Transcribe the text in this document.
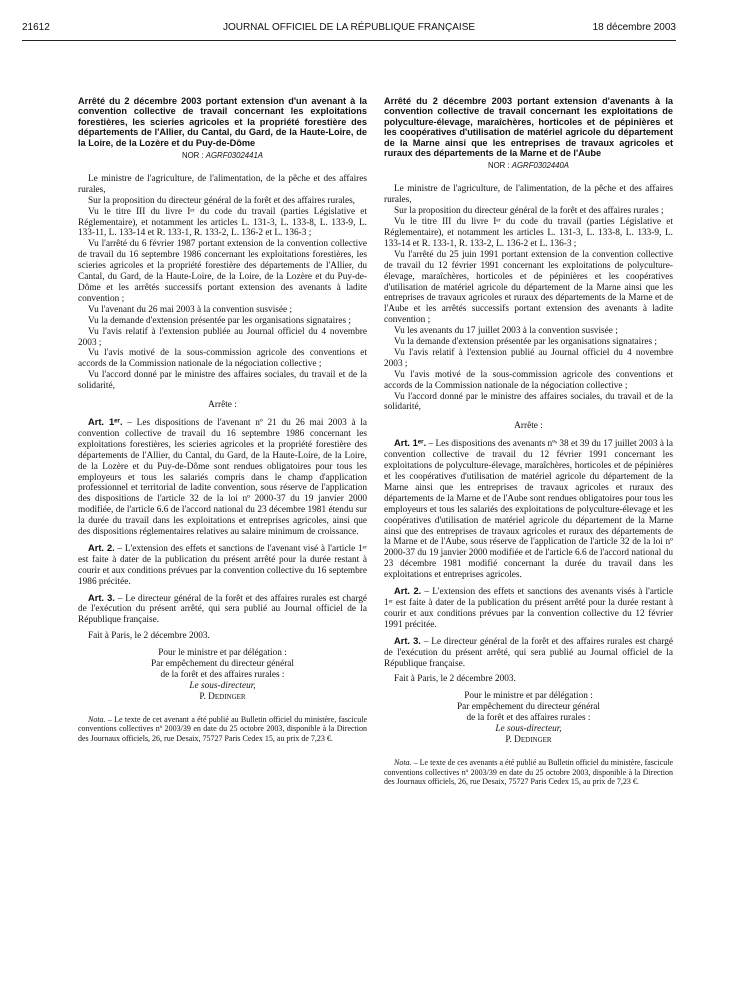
21612	JOURNAL OFFICIEL DE LA RÉPUBLIQUE FRANÇAISE	18 décembre 2003

Arrêté du 2 décembre 2003 portant extension d'un avenant à la convention collective de travail concernant les exploitations forestières, les scieries agricoles et la propriété forestière des départements de l'Allier, du Cantal, du Gard, de la Haute-Loire, de la Loire, de la Lozère et du Puy-de-Dôme

NOR : AGRF0302441A

Le ministre de l'agriculture, de l'alimentation, de la pêche et des affaires rurales,

Sur la proposition du directeur général de la forêt et des affaires rurales,

Vu le titre III du livre Iᵉʳ du code du travail (parties Législative et Réglementaire), et notamment les articles L. 131-3, L. 133-8, L. 133-9, L. 133-11, L. 133-14 et R. 133-1, R. 133-2, L. 136-2 et L. 136-3 ;

Vu l'arrêté du 6 février 1987 portant extension de la convention collective de travail du 16 septembre 1986 concernant les exploitations forestières, les scieries agricoles et la propriété forestière des départements de l'Allier, du Cantal, du Gard, de la Haute-Loire, de la Loire, de la Lozère et du Puy-de-Dôme et les arrêtés successifs portant extension des avenants à ladite convention ;

Vu l'avenant du 26 mai 2003 à la convention susvisée ;

Vu la demande d'extension présentée par les organisations signataires ;

Vu l'avis relatif à l'extension publiée au Journal officiel du 4 novembre 2003 ;

Vu l'avis motivé de la sous-commission agricole des conventions et accords de la Commission nationale de la négociation collective ;

Vu l'accord donné par le ministre des affaires sociales, du travail et de la solidarité,

Arrête :

Art. 1ᵉʳ. – Les dispositions de l'avenant nº 21 du 26 mai 2003 à la convention collective de travail du 16 septembre 1986 concernant les exploitations forestières, les scieries agricoles et la propriété forestière des départements de l'Allier, du Cantal, du Gard, de la Haute-Loire, de la Loire, de la Lozère et du Puy-de-Dôme sont rendues obligatoires pour tous les employeurs et tous les salariés compris dans le champ d'application professionnel et territorial de ladite convention, sous réserve de l'application des dispositions de l'article 32 de la loi nº 2000-37 du 19 janvier 2000 modifiée, de l'article 6.6 de l'accord national du 23 décembre 1981 étendu sur la durée du travail dans les exploitations et entreprises agricoles, ainsi que des dispositions réglementaires relatives au salaire minimum de croissance.

Art. 2. – L'extension des effets et sanctions de l'avenant visé à l'article 1ᵉʳ est faite à dater de la publication du présent arrêté pour la durée restant à courir et aux conditions prévues par la convention collective du 16 septembre 1986 précitée.

Art. 3. – Le directeur général de la forêt et des affaires rurales est chargé de l'exécution du présent arrêté, qui sera publié au Journal officiel de la République française.

Fait à Paris, le 2 décembre 2003.

Pour le ministre et par délégation :
Par empêchement du directeur général
de la forêt et des affaires rurales :
Le sous-directeur,
P. Dedinger

Nota. – Le texte de cet avenant a été publié au Bulletin officiel du ministère, fascicule conventions collectives nº 2003/39 en date du 25 octobre 2003, disponible à la Direction des Journaux officiels, 26, rue Desaix, 75727 Paris Cedex 15, au prix de 7,23 €.

Arrêté du 2 décembre 2003 portant extension d'avenants à la convention collective de travail concernant les exploitations de polyculture-élevage, maraîchères, horticoles et de pépinières et les coopératives d'utilisation de matériel agricole du département de la Marne ainsi que les entreprises de travaux agricoles et ruraux des départements de la Marne et de l'Aube

NOR : AGRF0302440A

Le ministre de l'agriculture, de l'alimentation, de la pêche et des affaires rurales,

Sur la proposition du directeur général de la forêt et des affaires rurales ;

Vu le titre III du livre Iᵉʳ du code du travail (parties Législative et Réglementaire), et notamment les articles L. 131-3, L. 133-8, L. 133-9, L. 133-14 et R. 133-1, R. 133-2, L. 136-2 et L. 136-3 ;

Vu l'arrêté du 25 juin 1991 portant extension de la convention collective de travail du 12 février 1991 concernant les exploitations de polyculture-élevage, maraîchères, horticoles et de pépinières et les coopératives d'utilisation de matériel agricole du département de la Marne ainsi que les entreprises de travaux agricoles et ruraux des départements de la Marne et de l'Aube et les arrêtés successifs portant extension des avenants à ladite convention ;

Vu les avenants du 17 juillet 2003 à la convention susvisée ;

Vu la demande d'extension présentée par les organisations signataires ;

Vu l'avis relatif à l'extension publié au Journal officiel du 4 novembre 2003 ;

Vu l'avis motivé de la sous-commission agricole des conventions et accords de la Commission nationale de la négociation collective ;

Vu l'accord donné par le ministre des affaires sociales, du travail et de la solidarité,

Arrête :

Art. 1ᵉʳ. – Les dispositions des avenants nºˢ 38 et 39 du 17 juillet 2003 à la convention collective de travail du 12 février 1991 concernant les exploitations de polyculture-élevage, maraîchères, horticoles et de pépinières et les coopératives d'utilisation de matériel agricole du département de la Marne ainsi que les entreprises de travaux agricoles et ruraux des départements de la Marne et de l'Aube sont rendues obligatoires pour tous les employeurs et tous les salariés des exploitations de polyculture-élevage et les coopératives d'utilisation de matériel agricole du département de la Marne ainsi que des entreprises de travaux agricoles et ruraux des départements de la Marne et de l'Aube, sous réserve de l'application de l'article 32 de la loi nº 2000-37 du 19 janvier 2000 modifiée et de l'article 6.6 de l'accord national du 23 décembre 1981 modifié concernant la durée du travail dans les exploitations et entreprises agricoles.

Art. 2. – L'extension des effets et sanctions des avenants visés à l'article 1ᵉʳ est faite à dater de la publication du présent arrêté pour la durée restant à courir et aux conditions prévues par la convention collective du 12 février 1991 précitée.

Art. 3. – Le directeur général de la forêt et des affaires rurales est chargé de l'exécution du présent arrêté, qui sera publié au Journal officiel de la République française.

Fait à Paris, le 2 décembre 2003.

Pour le ministre et par délégation :
Par empêchement du directeur général
de la forêt et des affaires rurales :
Le sous-directeur,
P. Dedinger

Nota. – Le texte de ces avenants a été publié au Bulletin officiel du ministère, fascicule conventions collectives nº 2003/39 en date du 25 octobre 2003, disponible à la Direction des Journaux officiels, 26, rue Desaix, 75727 Paris Cedex 15, au prix de 7,23 €.
